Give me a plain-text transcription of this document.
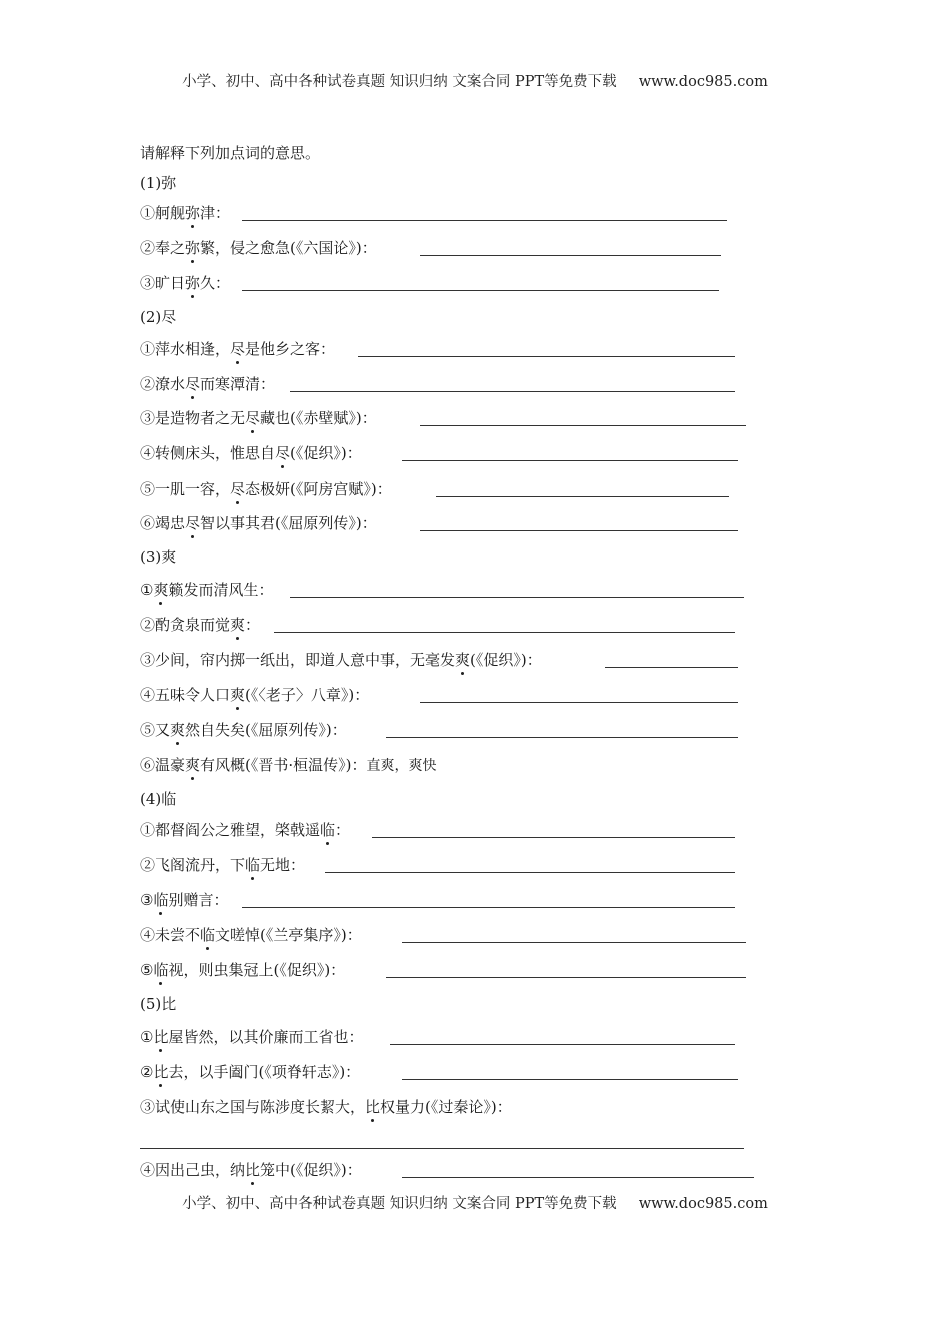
小学、初中、高中各种试卷真题 知识归纳 文案合同 PPT等免费下载 www.doc985.com
请解释下列加点词的意思。
(1)弥
①舸舰弥津：
②奉之弥繁，侵之愈急(《六国论》)：
③旷日弥久：
(2)尽
①萍水相逢，尽是他乡之客：
②潦水尽而寒潭清：
③是造物者之无尽藏也(《赤壁赋》)：
④转侧床头，惟思自尽(《促织》)：
⑤一肌一容，尽态极妍(《阿房宫赋》)：
⑥竭忠尽智以事其君(《屈原列传》)：
(3)爽
①爽籁发而清风生：
②酌贪泉而觉爽：
③少间，帘内掷一纸出，即道人意中事，无毫发爽(《促织》)：
④五味令人口爽(《〈老子〉八章》)：
⑤又爽然自失矣(《屈原列传》)：
⑥温豪爽有风概(《晋书·桓温传》)：直爽，爽快
(4)临
①都督阎公之雅望，棨戟遥临：
②飞阁流丹，下临无地：
③临别赠言：
④未尝不临文嗟悼(《兰亭集序》)：
⑤临视，则虫集冠上(《促织》)：
(5)比
①比屋皆然，以其价廉而工省也：
②比去，以手阖门(《项脊轩志》)：
③试使山东之国与陈涉度长絜大，比权量力(《过秦论》)：
④因出己虫，纳比笼中(《促织》)：
小学、初中、高中各种试卷真题 知识归纳 文案合同 PPT等免费下载 www.doc985.com
